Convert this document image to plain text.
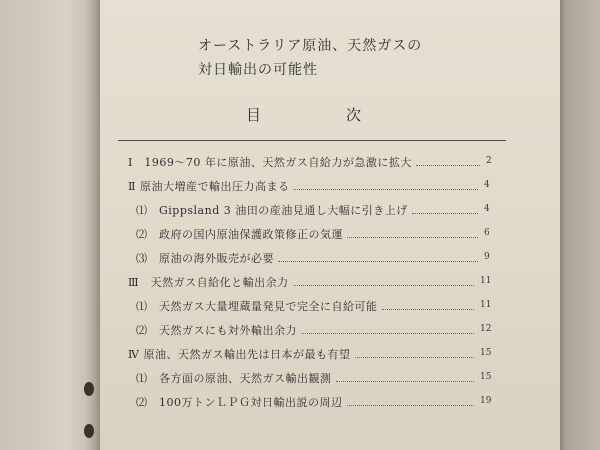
オーストラリア原油、天然ガスの
対日輸出の可能性
目	次
Ⅰ　1969～70 年に原油、天然ガス自給力が急激に拡大	2
Ⅱ 原油大増産で輸出圧力高まる	4
⑴　Gippsland 3 油田の産油見通し大幅に引き上げ	4
⑵　政府の国内原油保護政策修正の気運	6
⑶　原油の海外販売が必要	9
Ⅲ　天然ガス自給化と輸出余力	11
⑴　天然ガス大量埋蔵量発見で完全に自給可能	11
⑵　天然ガスにも対外輸出余力	12
Ⅳ 原油、天然ガス輸出先は日本が最も有望	15
⑴　各方面の原油、天然ガス輸出観測	15
⑵　100万トンＬＰＧ対日輸出説の周辺	19
